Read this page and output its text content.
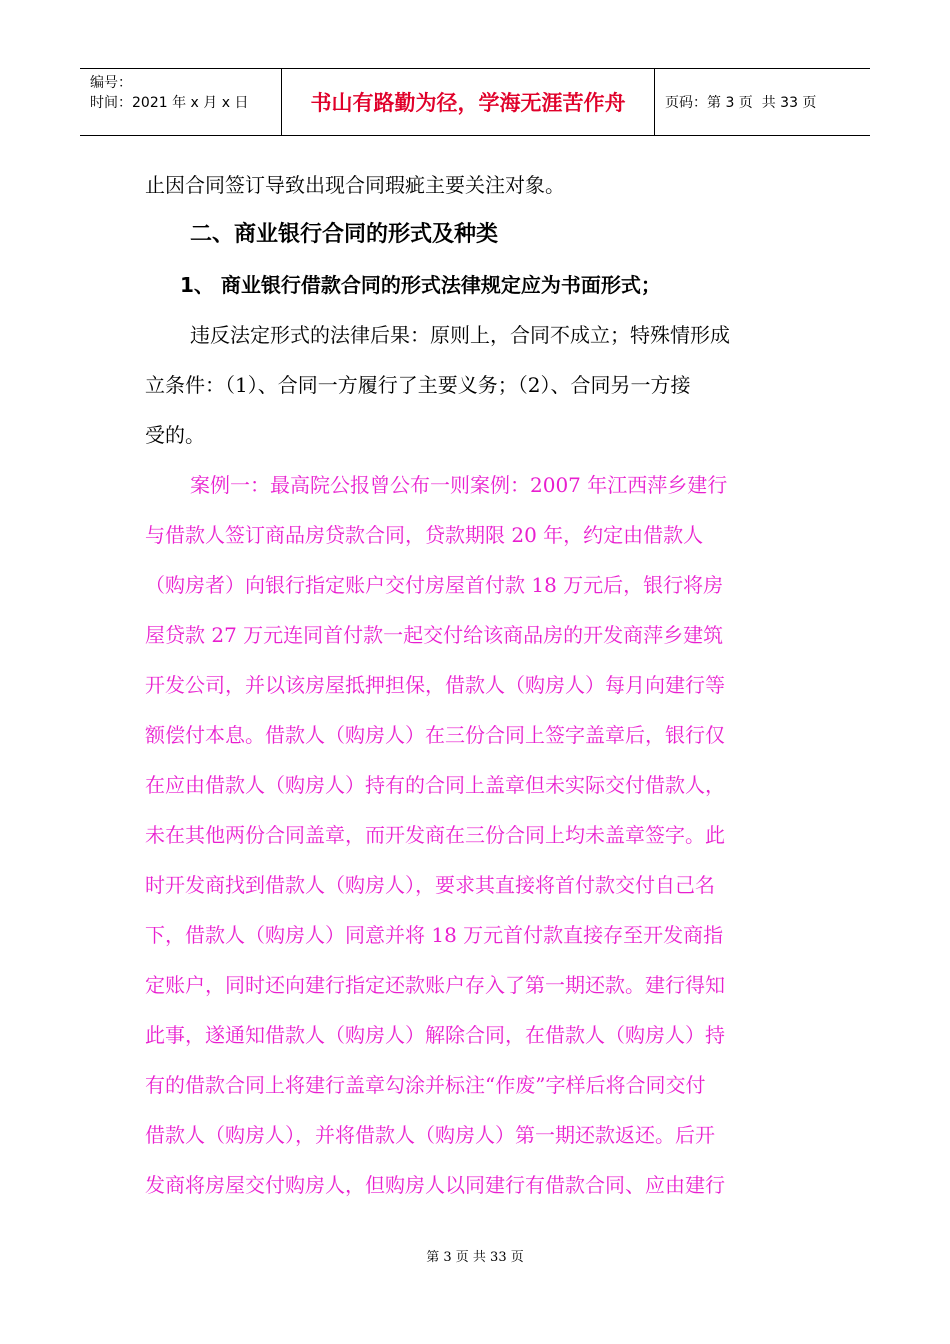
编号：
时间：2021 年 x 月 x 日	书山有路勤为径，学海无涯苦作舟	页码：第 3 页  共 33 页
止因合同签订导致出现合同瑕疵主要关注对象。
二、商业银行合同的形式及种类
1、 商业银行借款合同的形式法律规定应为书面形式；
违反法定形式的法律后果：原则上，合同不成立；特殊情形成
立条件：（1）、合同一方履行了主要义务；（2）、合同另一方接
受的。
案例一：最高院公报曾公布一则案例：2007 年江西萍乡建行
与借款人签订商品房贷款合同，贷款期限 20 年，约定由借款人
（购房者）向银行指定账户交付房屋首付款 18 万元后，银行将房
屋贷款 27 万元连同首付款一起交付给该商品房的开发商萍乡建筑
开发公司，并以该房屋抵押担保，借款人（购房人）每月向建行等
额偿付本息。借款人（购房人）在三份合同上签字盖章后，银行仅
在应由借款人（购房人）持有的合同上盖章但未实际交付借款人，
未在其他两份合同盖章，而开发商在三份合同上均未盖章签字。此
时开发商找到借款人（购房人），要求其直接将首付款交付自己名
下，借款人（购房人）同意并将 18 万元首付款直接存至开发商指
定账户，同时还向建行指定还款账户存入了第一期还款。建行得知
此事，遂通知借款人（购房人）解除合同，在借款人（购房人）持
有的借款合同上将建行盖章勾涂并标注“作废”字样后将合同交付
借款人（购房人），并将借款人（购房人）第一期还款返还。后开
发商将房屋交付购房人，但购房人以同建行有借款合同、应由建行
第 3 页 共 33 页
